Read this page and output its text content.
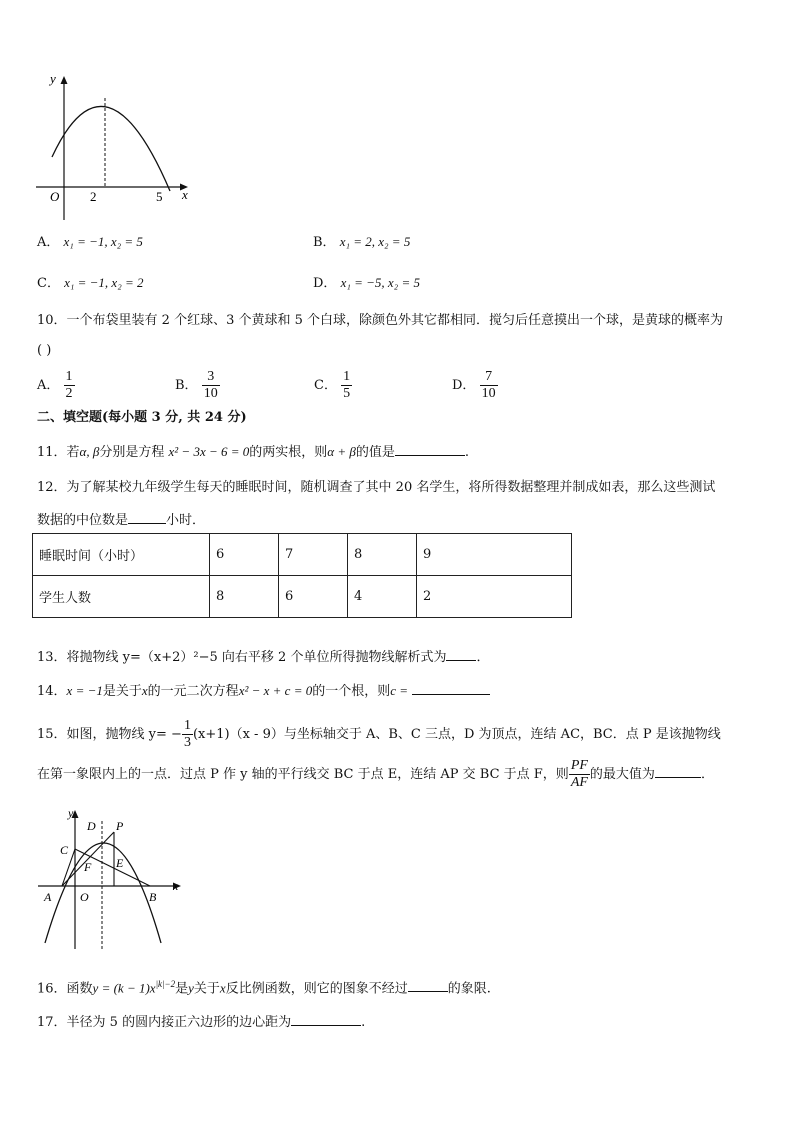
y
x
O 2	5
A． x₁ = −1, x₂ = 5	B． x₁ = 2, x₂ = 5
C． x₁ = −1, x₂ = 2	D． x₁ = −5, x₂ = 5
10．一个布袋里装有 2 个红球、3 个黄球和 5 个白球，除颜色外其它都相同．搅匀后任意摸出一个球，是黄球的概率为
( )
A． $\frac{1}{2}$	B． $\frac{3}{10}$	C． $\frac{1}{5}$	D． $\frac{7}{10}$
二、填空题(每小题 3 分, 共 24 分)
11．若α, β分别是方程 x² − 3x − 6 = 0的两实根，则α + β的值是	.
12．为了解某校九年级学生每天的睡眠时间，随机调查了其中 20 名学生，将所得数据整理并制成如表，那么这些测试
数据的中位数是	小时．
睡眠时间（小时）	6	7	8	9
学生人数	8	6	4	2
13．将抛物线 y=（x+2）²−5 向右平移 2 个单位所得抛物线解析式为 ．
14．x = −1是关于x的一元二次方程x² − x + c = 0的一个根，则c =
15．如图，抛物线 $y= - \frac{1}{3} (x+1)(x - 9)$与坐标轴交于 A、B、C 三点，D 为顶点，连结 AC，BC．点 P 是该抛物线
在第一象限内上的一点．过点 P 作 y 轴的平行线交 BC 于点 E，连结 AP 交 BC 于点 F，则 $\frac{PF}{AF}$ 的最大值为	．
y
x
D P
C
E
F
A O	B
16．函数$y = (k - 1)x^{|k|-2}$是y关于x反比例函数，则它的图象不经过	的象限.
17．半径为 5 的圆内接正六边形的边心距为	.
